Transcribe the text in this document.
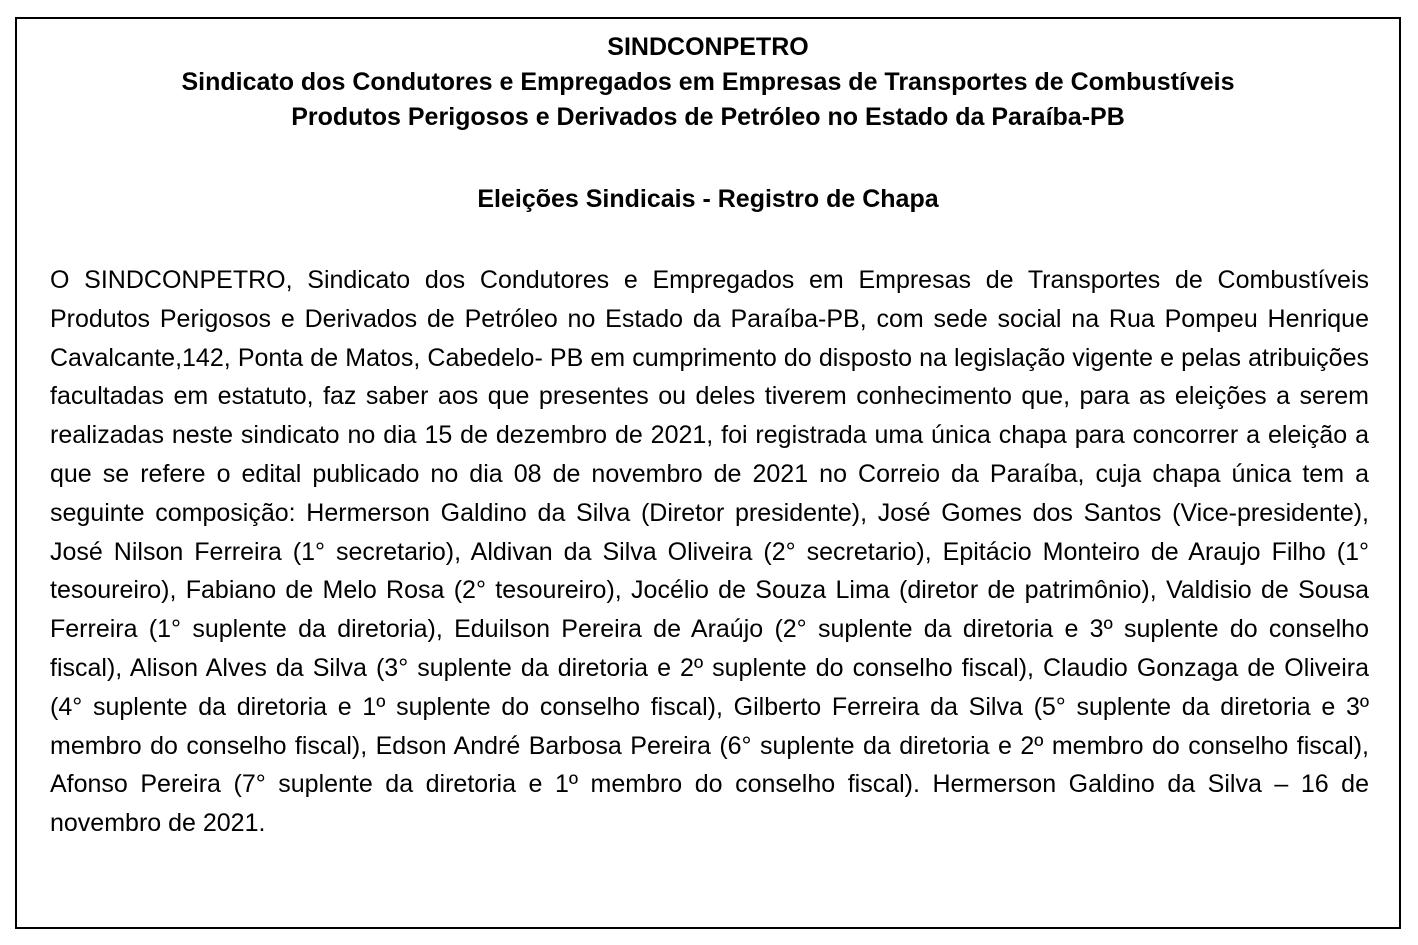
SINDCONPETRO
Sindicato dos Condutores e Empregados em Empresas de Transportes de Combustíveis
Produtos Perigosos e Derivados de Petróleo no Estado da Paraíba-PB
Eleições Sindicais - Registro de Chapa

O SINDCONPETRO, Sindicato dos Condutores e Empregados em Empresas de Transportes de Combustíveis Produtos Perigosos e Derivados de Petróleo no Estado da Paraíba-PB, com sede social na Rua Pompeu Henrique Cavalcante,142, Ponta de Matos, Cabedelo- PB em cumprimento do disposto na legislação vigente e pelas atribuições facultadas em estatuto, faz saber aos que presentes ou deles tiverem conhecimento que, para as eleições a serem realizadas neste sindicato no dia 15 de dezembro de 2021, foi registrada uma única chapa para concorrer a eleição a que se refere o edital publicado no dia 08 de novembro de 2021 no Correio da Paraíba, cuja chapa única tem a seguinte composição: Hermerson Galdino da Silva (Diretor presidente), José Gomes dos Santos (Vice-presidente), José Nilson Ferreira (1° secretario), Aldivan da Silva Oliveira (2° secretario), Epitácio Monteiro de Araujo Filho (1° tesoureiro), Fabiano de Melo Rosa (2° tesoureiro), Jocélio de Souza Lima (diretor de patrimônio), Valdisio de Sousa Ferreira (1° suplente da diretoria), Eduilson Pereira de Araújo (2° suplente da diretoria e 3º suplente do conselho fiscal), Alison Alves da Silva (3° suplente da diretoria e 2º suplente do conselho fiscal), Claudio Gonzaga de Oliveira (4° suplente da diretoria e 1º suplente do conselho fiscal), Gilberto Ferreira da Silva (5° suplente da diretoria e 3º membro do conselho fiscal), Edson André Barbosa Pereira (6° suplente da diretoria e 2º membro do conselho fiscal), Afonso Pereira (7° suplente da diretoria e 1º membro do conselho fiscal). Hermerson Galdino da Silva – 16 de novembro de 2021.
